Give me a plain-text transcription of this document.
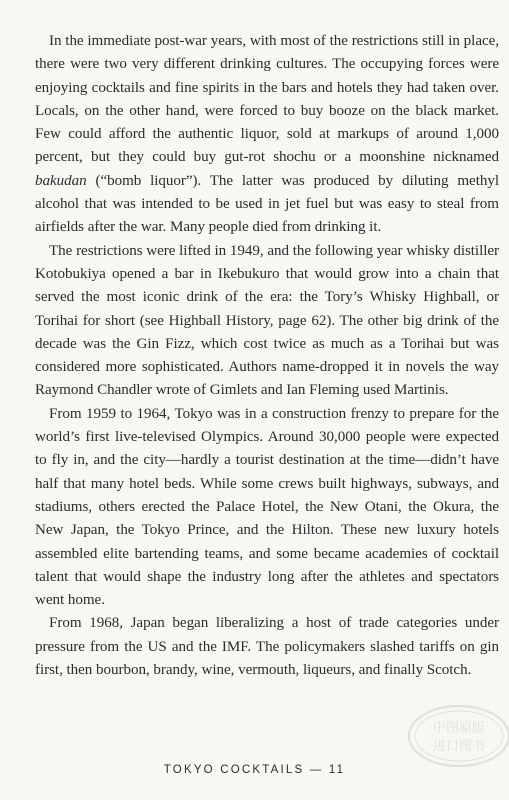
In the immediate post-war years, with most of the restrictions still in place, there were two very different drinking cultures. The occupying forces were enjoying cocktails and fine spirits in the bars and hotels they had taken over. Locals, on the other hand, were forced to buy booze on the black market. Few could afford the authentic liquor, sold at markups of around 1,000 percent, but they could buy gut-rot shochu or a moonshine nicknamed bakudan (“bomb liquor”). The latter was produced by diluting methyl alcohol that was intended to be used in jet fuel but was easy to steal from airfields after the war. Many people died from drinking it.

The restrictions were lifted in 1949, and the following year whisky distiller Kotobukiya opened a bar in Ikebukuro that would grow into a chain that served the most iconic drink of the era: the Tory’s Whisky Highball, or Torihai for short (see Highball History, page 62). The other big drink of the decade was the Gin Fizz, which cost twice as much as a Torihai but was considered more sophisticated. Authors name-dropped it in novels the way Raymond Chandler wrote of Gimlets and Ian Fleming used Martinis.

From 1959 to 1964, Tokyo was in a construction frenzy to prepare for the world’s first live-televised Olympics. Around 30,000 people were expected to fly in, and the city—hardly a tourist destination at the time—didn’t have half that many hotel beds. While some crews built highways, subways, and stadiums, others erected the Palace Hotel, the New Otani, the Okura, the New Japan, the Tokyo Prince, and the Hilton. These new luxury hotels assembled elite bartending teams, and some became academies of cocktail talent that would shape the industry long after the athletes and spectators went home.

From 1968, Japan began liberalizing a host of trade categories under pressure from the US and the IMF. The policymakers slashed tariffs on gin first, then bourbon, brandy, wine, vermouth, liqueurs, and finally Scotch.

中图原版
进口图书
TOKYO COCKTAILS — 11
